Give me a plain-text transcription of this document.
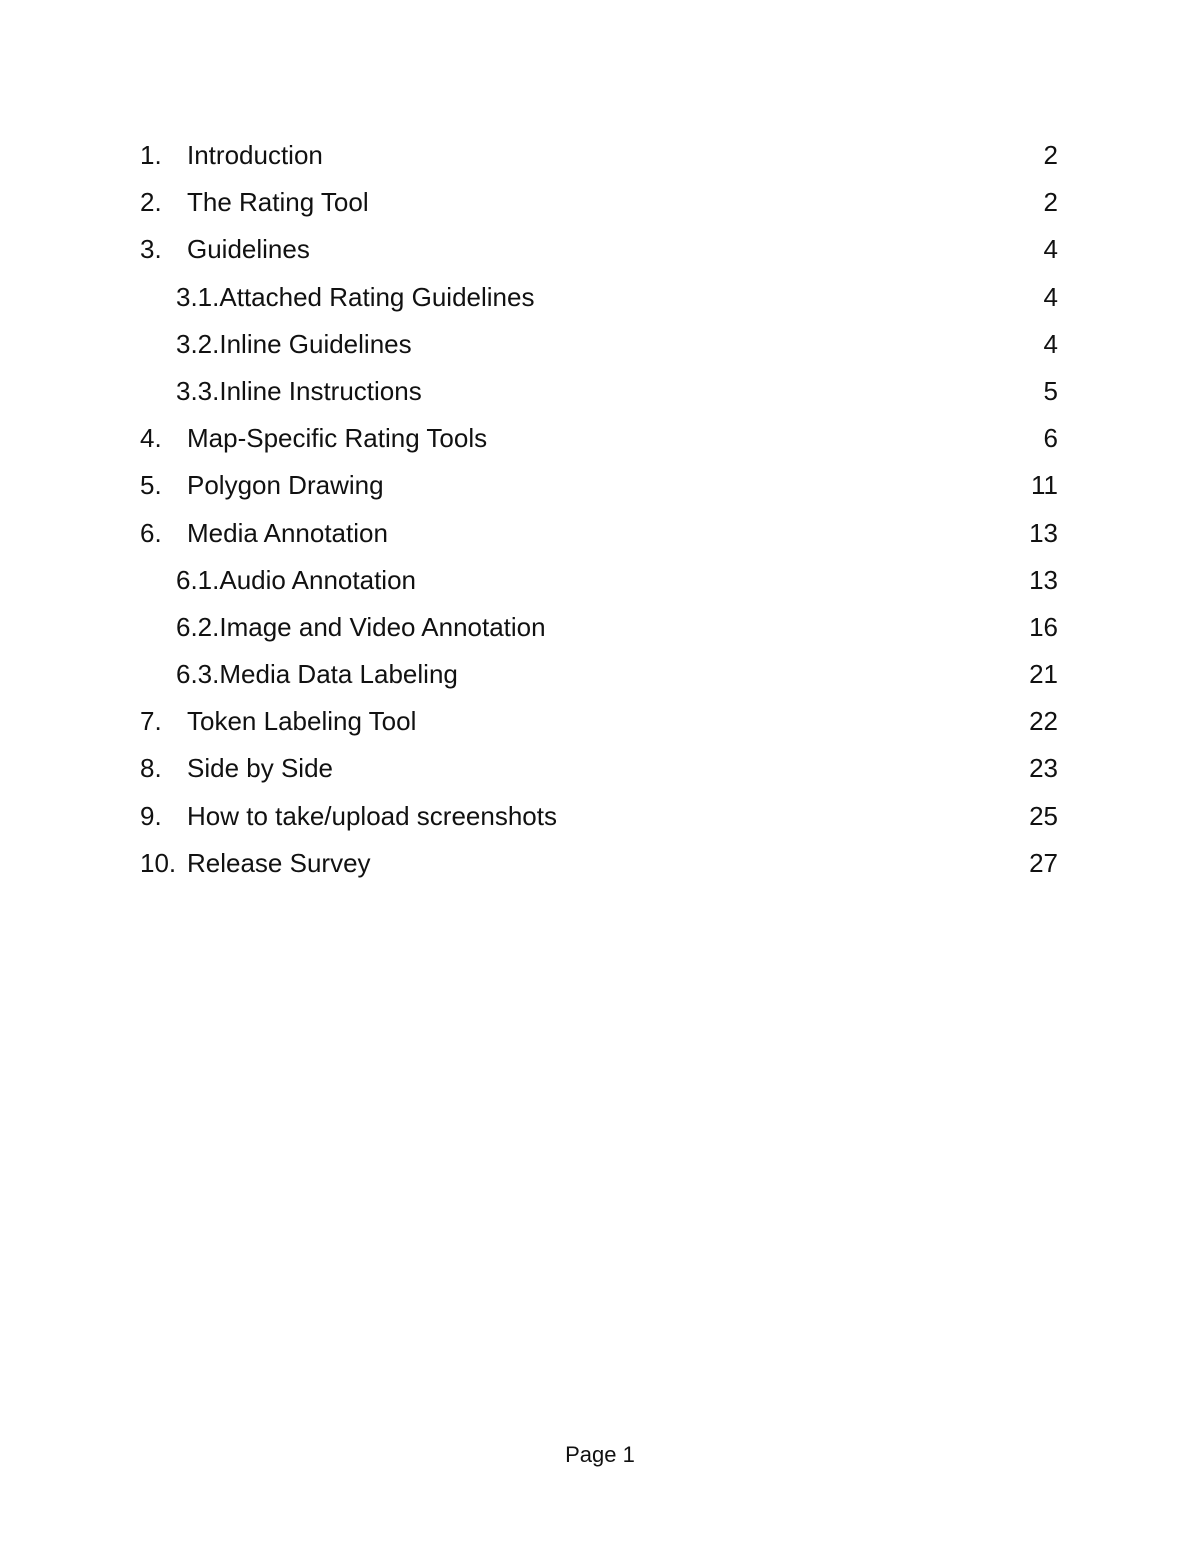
1. Introduction	2
2. The Rating Tool	2
3. Guidelines	4
3.1. Attached Rating Guidelines	4
3.2. Inline Guidelines	4
3.3. Inline Instructions	5
4. Map-Specific Rating Tools	6
5. Polygon Drawing	11
6. Media Annotation	13
6.1. Audio Annotation	13
6.2. Image and Video Annotation	16
6.3. Media Data Labeling	21
7. Token Labeling Tool	22
8. Side by Side	23
9. How to take/upload screenshots	25
10. Release Survey	27
Page 1
